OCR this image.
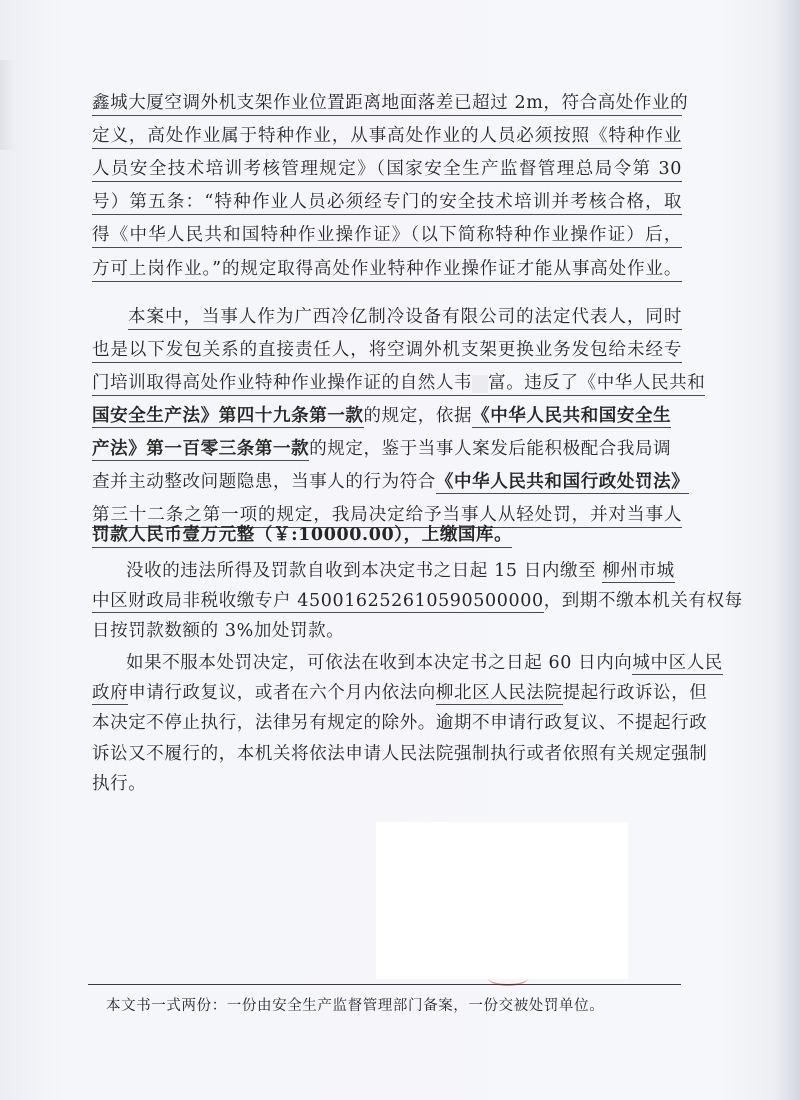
鑫城大厦空调外机支架作业位置距离地面落差已超过 2m，符合高处作业的
定义，高处作业属于特种作业，从事高处作业的人员必须按照《特种作业
人员安全技术培训考核管理规定》（国家安全生产监督管理总局令第 30
号）第五条：“特种作业人员必须经专门的安全技术培训并考核合格，取
得《中华人民共和国特种作业操作证》（以下简称特种作业操作证）后，
方可上岗作业。”的规定取得高处作业特种作业操作证才能从事高处作业。
本案中，当事人作为广西冷亿制冷设备有限公司的法定代表人，同时
也是以下发包关系的直接责任人，将空调外机支架更换业务发包给未经专
门培训取得高处作业特种作业操作证的自然人韦 富。违反了《中华人民共和
国安全生产法》第四十九条第一款的规定，依据《中华人民共和国安全生
产法》第一百零三条第一款的规定，鉴于当事人案发后能积极配合我局调
查并主动整改问题隐患，当事人的行为符合《中华人民共和国行政处罚法》
第三十二条之第一项的规定，我局决定给予当事人从轻处罚，并对当事人
罚款人民币壹万元整（￥:10000.00），上缴国库。
没收的违法所得及罚款自收到本决定书之日起 15 日内缴至 柳州市城
中区财政局非税收缴专户 450016252610590500000，到期不缴本机关有权每
日按罚款数额的 3%加处罚款。
如果不服本处罚决定，可依法在收到本决定书之日起 60 日内向城中区人民
政府申请行政复议，或者在六个月内依法向柳北区人民法院提起行政诉讼，但
本决定不停止执行，法律另有规定的除外。逾期不申请行政复议、不提起行政
诉讼又不履行的，本机关将依法申请人民法院强制执行或者依照有关规定强制
执行。
本文书一式两份：一份由安全生产监督管理部门备案，一份交被处罚单位。
